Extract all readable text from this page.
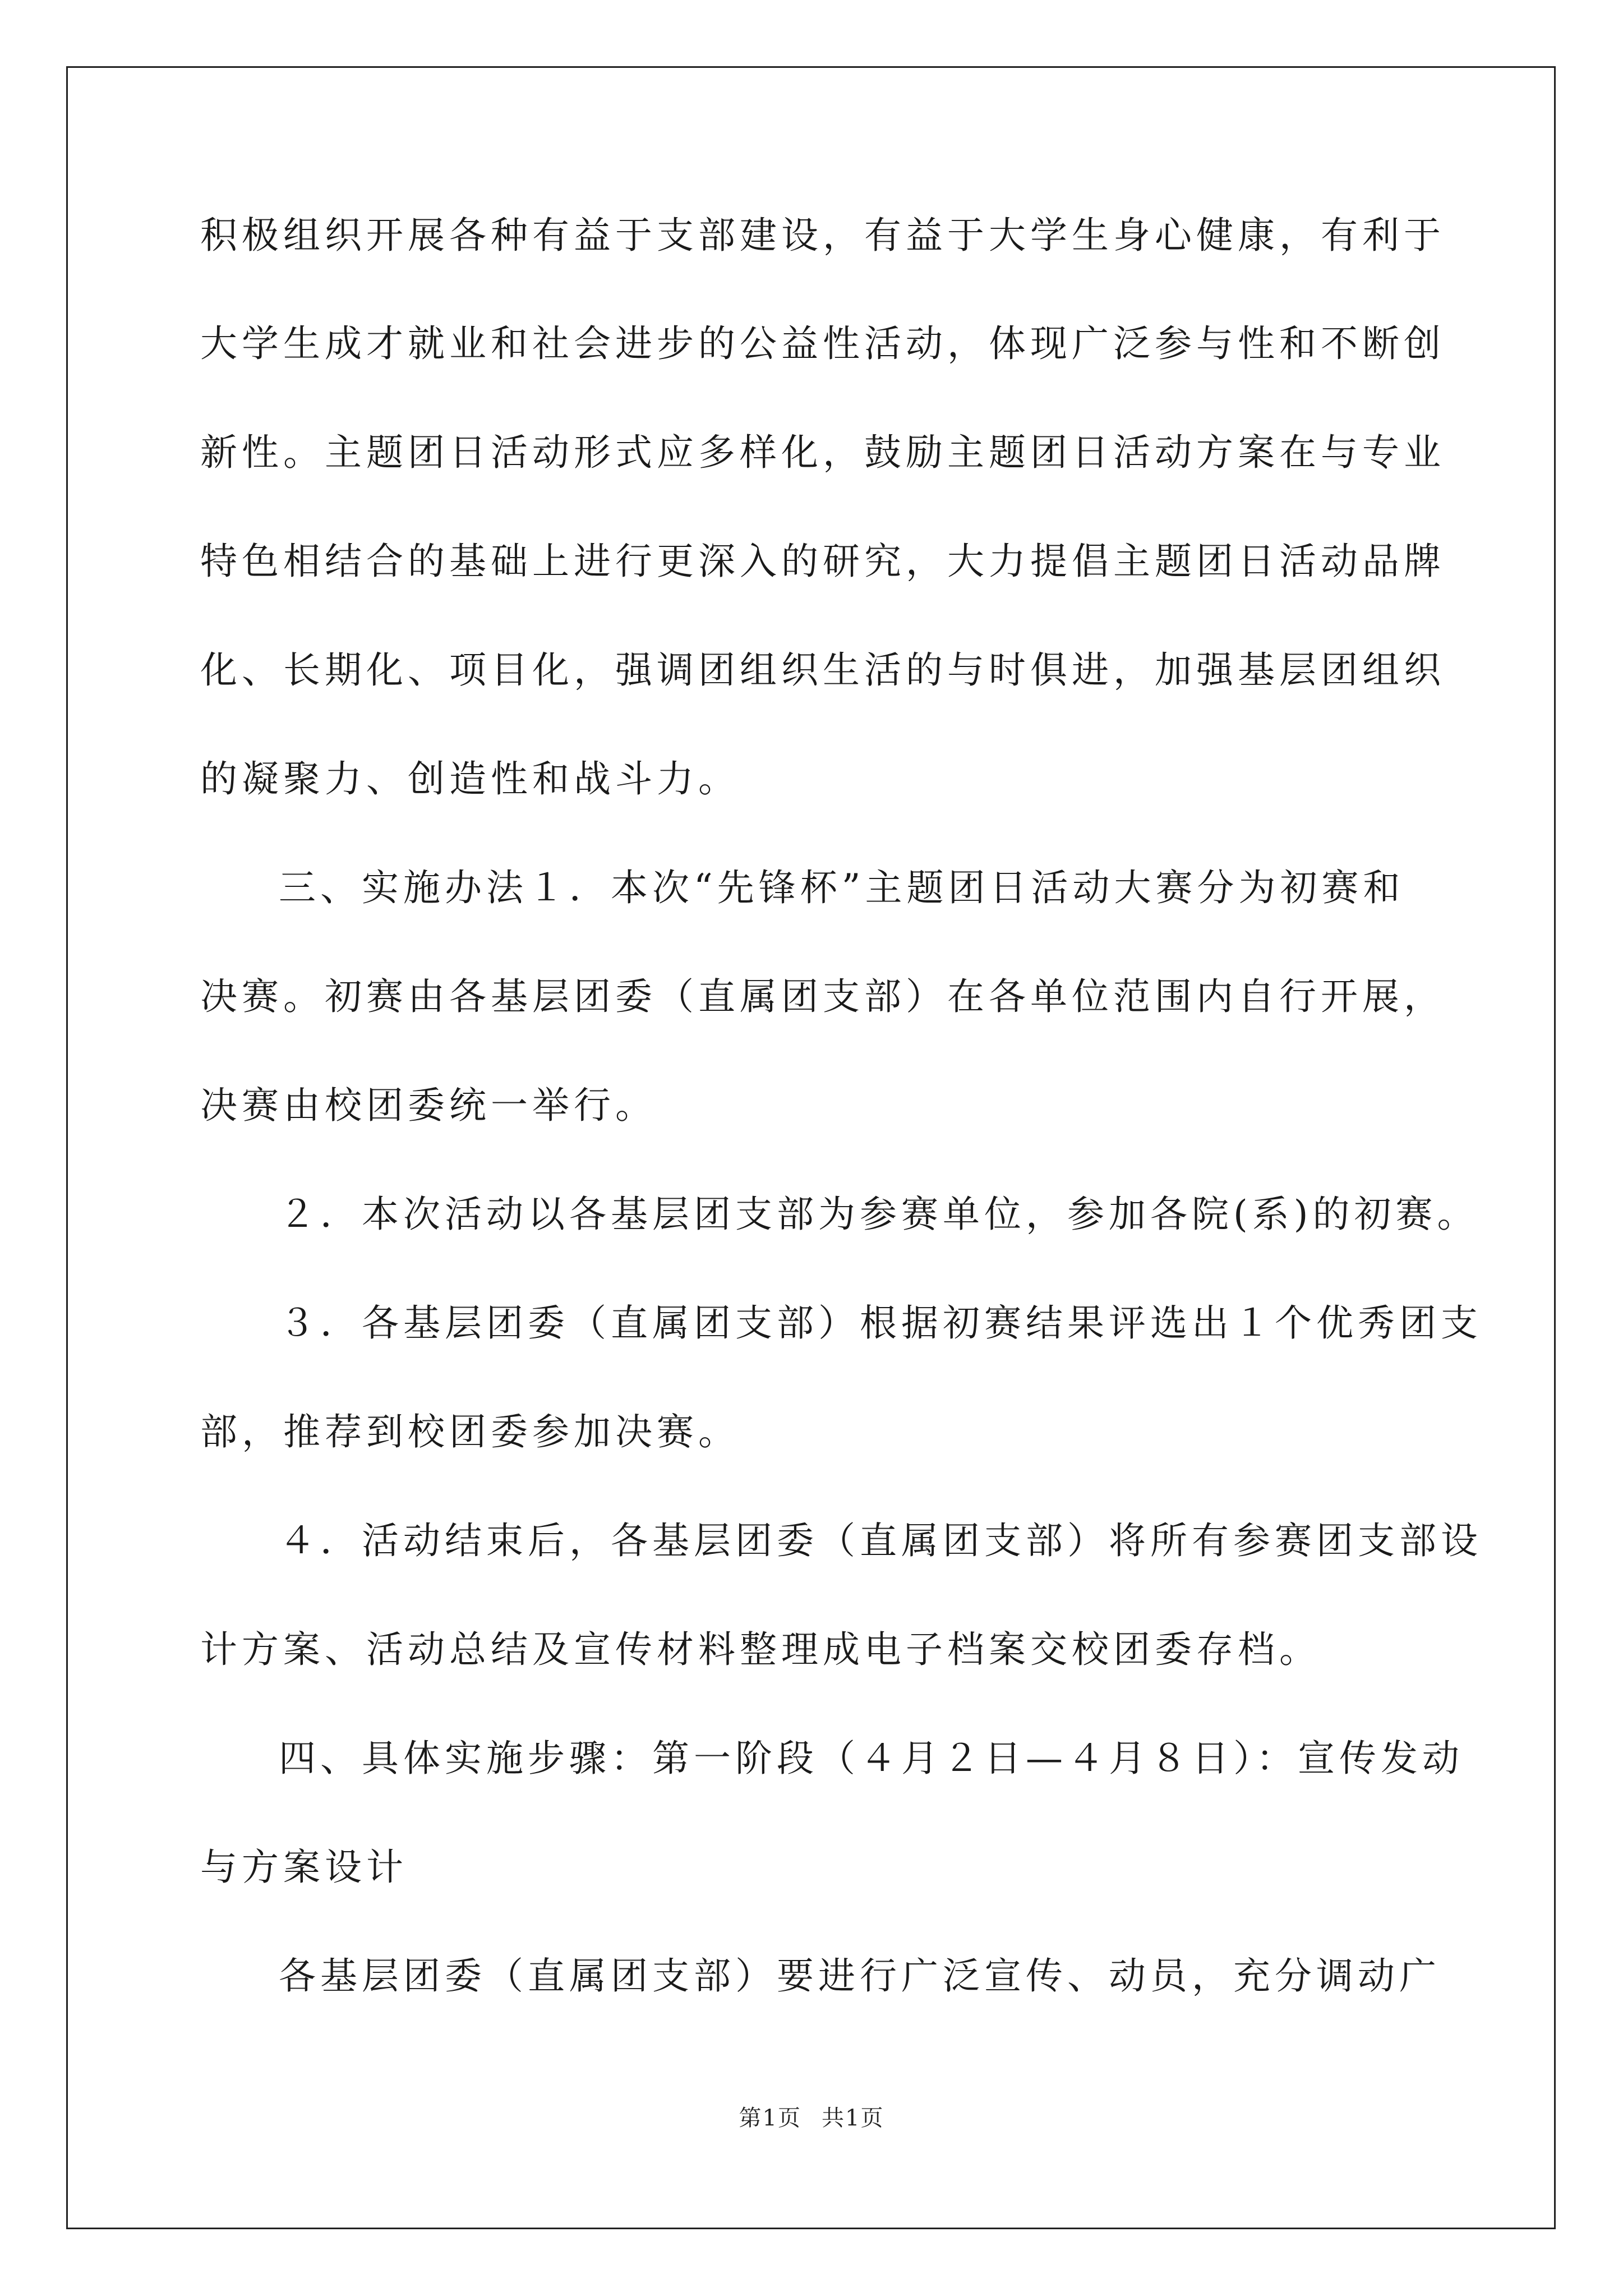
积极组织开展各种有益于支部建设，有益于大学生身心健康，有利于
大学生成才就业和社会进步的公益性活动，体现广泛参与性和不断创
新性。主题团日活动形式应多样化，鼓励主题团日活动方案在与专业
特色相结合的基础上进行更深入的研究，大力提倡主题团日活动品牌
化、长期化、项目化，强调团组织生活的与时俱进，加强基层团组织
的凝聚力、创造性和战斗力。
三、实施办法１．本次“先锋杯”主题团日活动大赛分为初赛和
决赛。初赛由各基层团委（直属团支部）在各单位范围内自行开展，
决赛由校团委统一举行。
２．本次活动以各基层团支部为参赛单位，参加各院(系)的初赛。
３．各基层团委（直属团支部）根据初赛结果评选出１个优秀团支
部，推荐到校团委参加决赛。
４．活动结束后，各基层团委（直属团支部）将所有参赛团支部设
计方案、活动总结及宣传材料整理成电子档案交校团委存档。
四、具体实施步骤：第一阶段（４月２日—４月８日）：宣传发动
与方案设计
各基层团委（直属团支部）要进行广泛宣传、动员，充分调动广
第1页 共1页
